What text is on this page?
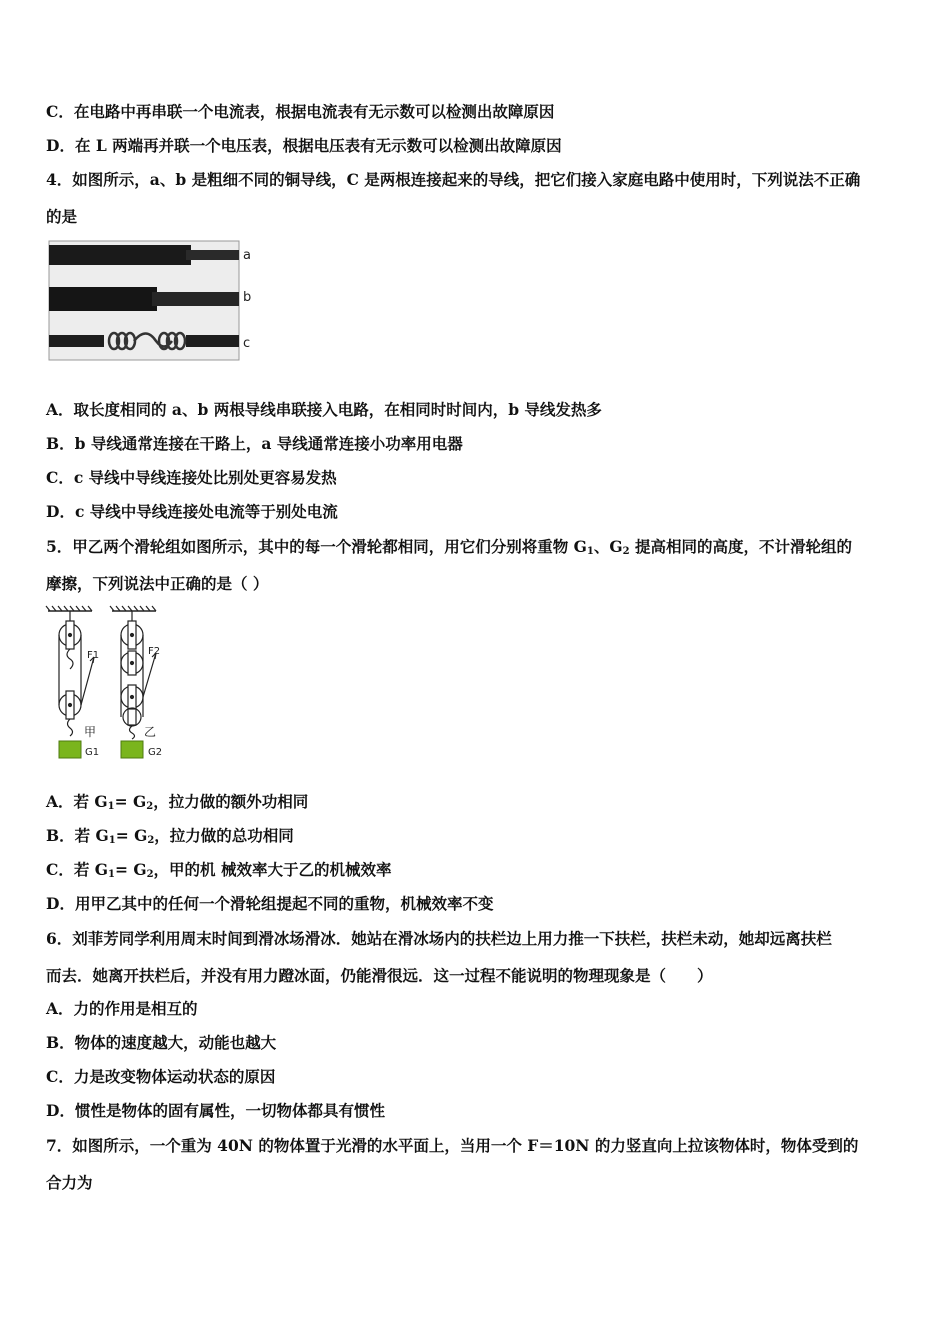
C．在电路中再串联一个电流表，根据电流表有无示数可以检测出故障原因
D．在 L 两端再并联一个电压表，根据电压表有无示数可以检测出故障原因
4．如图所示，a、b 是粗细不同的铜导线，C 是两根连接起来的导线，把它们接入家庭电路中使用时，下列说法不正确
的是
a
b
c
A．取长度相同的 a、b 两根导线串联接入电路，在相同时时间内，b 导线发热多
B．b 导线通常连接在干路上，a 导线通常连接小功率用电器
C．c 导线中导线连接处比别处更容易发热
D．c 导线中导线连接处电流等于别处电流
5．甲乙两个滑轮组如图所示，其中的每一个滑轮都相同，用它们分别将重物 $G_1$、$G_2$ 提高相同的高度，不计滑轮组的
摩擦，下列说法中正确的是（ ）
F1
甲
G1
F2
乙
G2
A．若 $G_1= G_2$，拉力做的额外功相同
B．若 $G_1= G_2$，拉力做的总功相同
C．若 $G_1= G_2$，甲的机 械效率大于乙的机械效率
D．用甲乙其中的任何一个滑轮组提起不同的重物，机械效率不变
6．刘菲芳同学利用周末时间到滑冰场滑冰．她站在滑冰场内的扶栏边上用力推一下扶栏，扶栏未动，她却远离扶栏
而去．她离开扶栏后，并没有用力蹬冰面，仍能滑很远．这一过程不能说明的物理现象是（　　）
A．力的作用是相互的
B．物体的速度越大，动能也越大
C．力是改变物体运动状态的原因
D．惯性是物体的固有属性，一切物体都具有惯性
7．如图所示，一个重为 40N 的物体置于光滑的水平面上，当用一个 F＝10N 的力竖直向上拉该物体时，物体受到的
合力为
